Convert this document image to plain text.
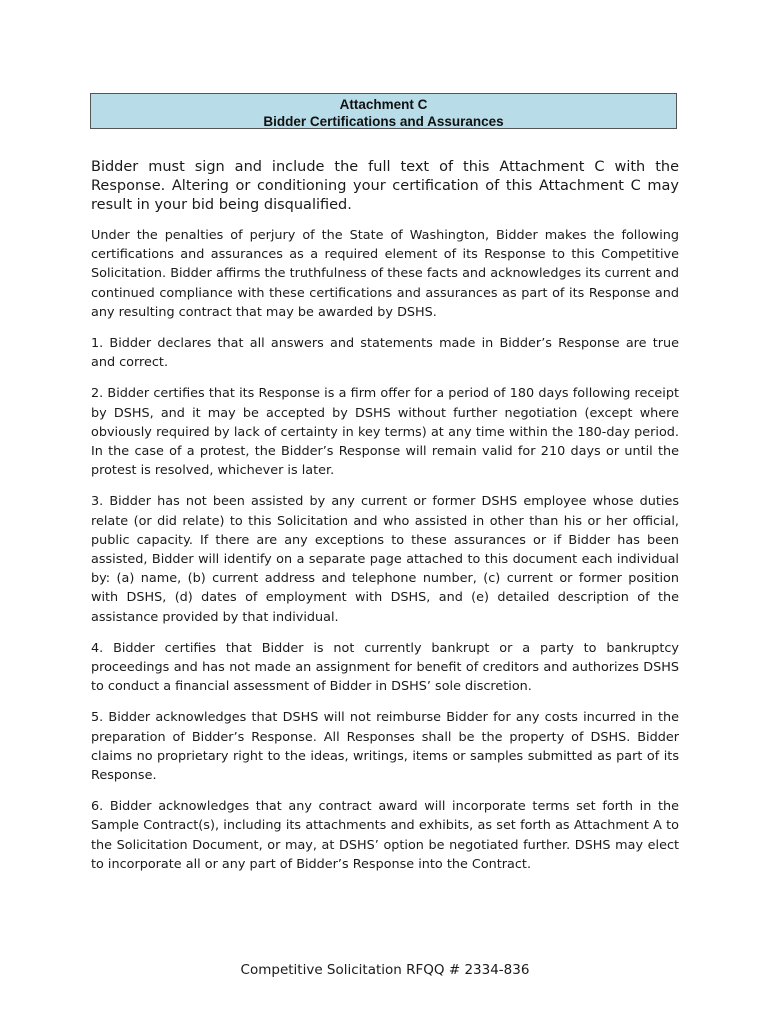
Attachment C
Bidder Certifications and Assurances

Bidder must sign and include the full text of this Attachment C with the Response. Altering or conditioning your certification of this Attachment C may result in your bid being disqualified.

Under the penalties of perjury of the State of Washington, Bidder makes the following certifications and assurances as a required element of its Response to this Competitive Solicitation. Bidder affirms the truthfulness of these facts and acknowledges its current and continued compliance with these certifications and assurances as part of its Response and any resulting contract that may be awarded by DSHS.

1. Bidder declares that all answers and statements made in Bidder’s Response are true and correct.

2. Bidder certifies that its Response is a firm offer for a period of 180 days following receipt by DSHS, and it may be accepted by DSHS without further negotiation (except where obviously required by lack of certainty in key terms) at any time within the 180-day period. In the case of a protest, the Bidder’s Response will remain valid for 210 days or until the protest is resolved, whichever is later.

3. Bidder has not been assisted by any current or former DSHS employee whose duties relate (or did relate) to this Solicitation and who assisted in other than his or her official, public capacity. If there are any exceptions to these assurances or if Bidder has been assisted, Bidder will identify on a separate page attached to this document each individual by: (a) name, (b) current address and telephone number, (c) current or former position with DSHS, (d) dates of employment with DSHS, and (e) detailed description of the assistance provided by that individual.

4. Bidder certifies that Bidder is not currently bankrupt or a party to bankruptcy proceedings and has not made an assignment for benefit of creditors and authorizes DSHS to conduct a financial assessment of Bidder in DSHS’ sole discretion.

5. Bidder acknowledges that DSHS will not reimburse Bidder for any costs incurred in the preparation of Bidder’s Response. All Responses shall be the property of DSHS. Bidder claims no proprietary right to the ideas, writings, items or samples submitted as part of its Response.

6. Bidder acknowledges that any contract award will incorporate terms set forth in the Sample Contract(s), including its attachments and exhibits, as set forth as Attachment A to the Solicitation Document, or may, at DSHS’ option be negotiated further. DSHS may elect to incorporate all or any part of Bidder’s Response into the Contract.

Competitive Solicitation RFQQ # 2334-836
